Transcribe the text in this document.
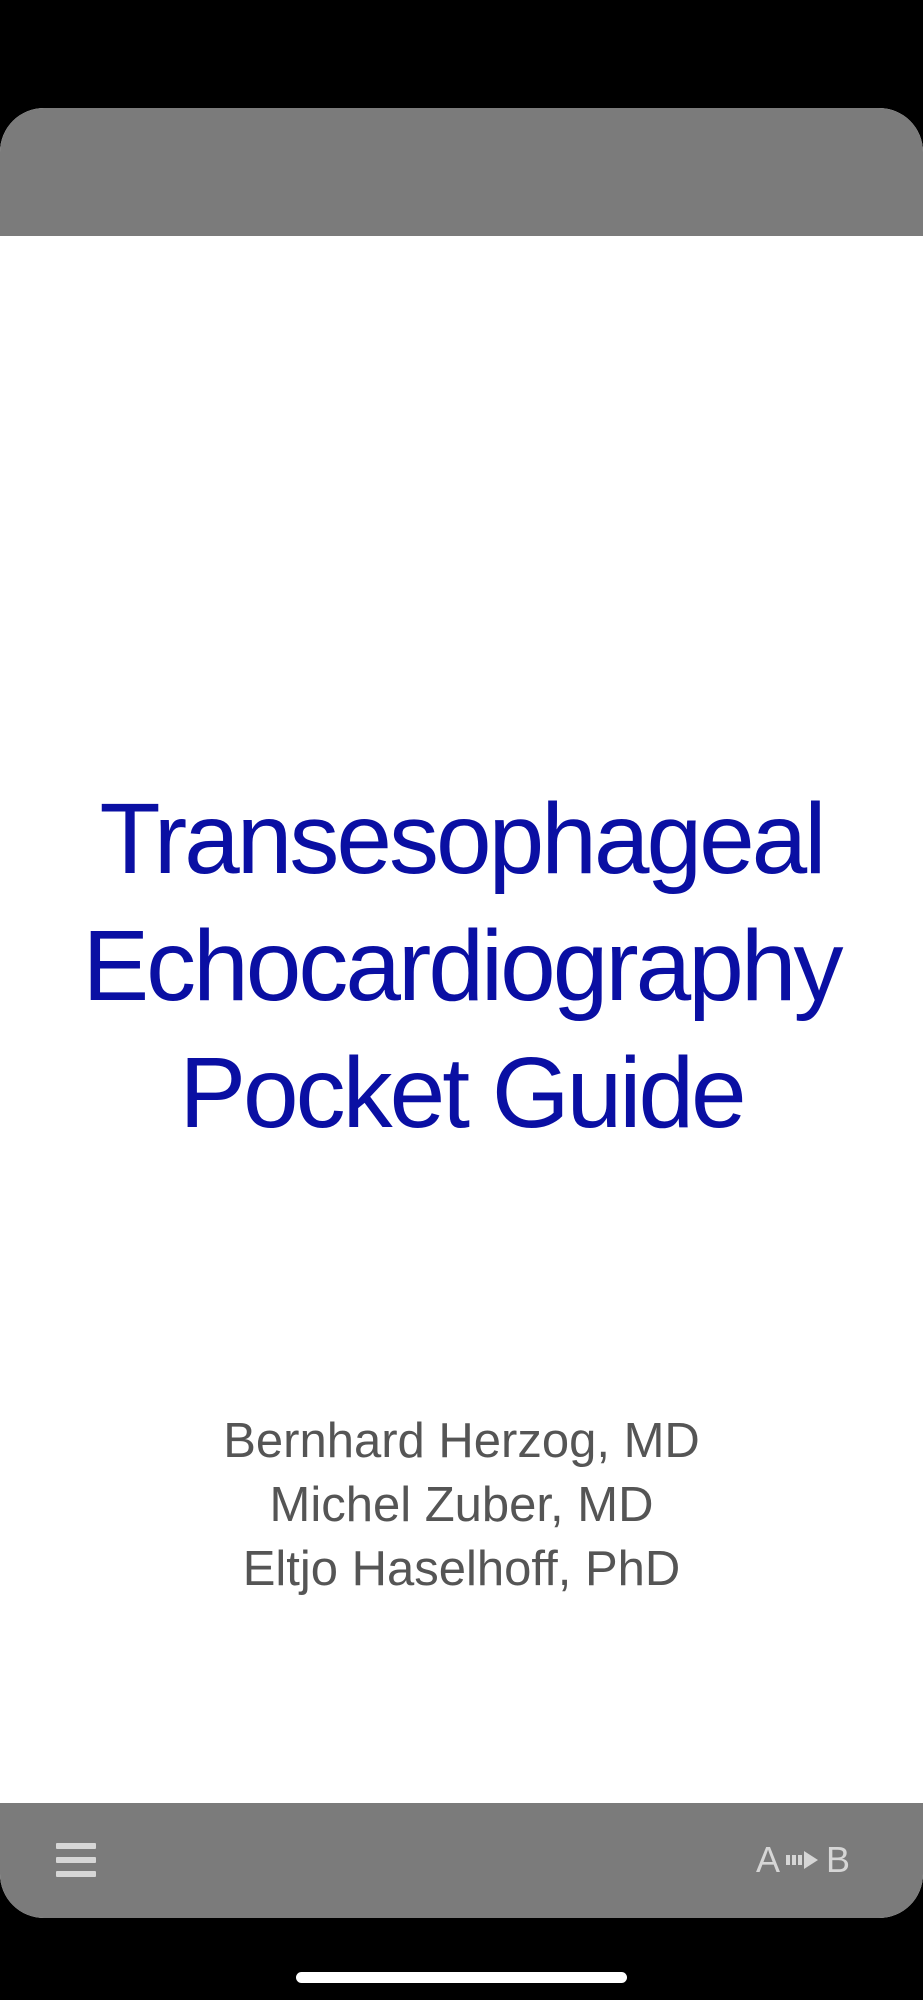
Transesophageal
Echocardiography
Pocket Guide
Bernhard Herzog, MD
Michel Zuber, MD
Eltjo Haselhoff, PhD
A B
